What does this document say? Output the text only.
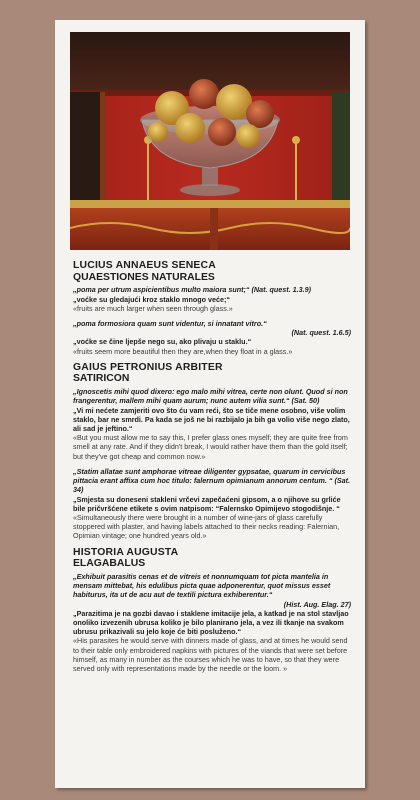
LUCIUS ANNAEUS SENECA

QUAESTIONES NATURALES

„poma per utrum aspicientibus multo maiora sunt;“ (Nat. quest. 1.3.9)

„voćke su gledajući kroz staklo mnogo veće;“

«fruits are much larger when seen through glass.»

„poma formosiora quam sunt videntur, si innatant vitro.“

(Nat. quest. 1.6.5)

„voćke se čine ljepše nego su, ako plivaju u staklu.“

«fruits seem more beautiful then they are,when they float in a glass.»

GAIUS PETRONIUS ARBITER

SATIRICON

„Ignoscetis mihi quod dixero: ego malo mihi vitrea, certe non olunt. Quod si non frangerentur, mallem mihi quam aurum; nunc autem vilia sunt.“ (Sat. 50)

„Vi mi nećete zamjeriti ovo što ću vam reći, što se tiče mene osobno, više volim staklo, bar ne smrdi. Pa kada se još ne bi razbijalo ja bih ga volio više nego zlato, ali sad je jeftino.“

«But you must allow me to say this, I prefer glass ones myself; they are quite free from smell at any rate. And if they didn't break, I would rather have them than the gold itself; but they've got cheap and common now.»

„Statim allatae sunt amphorae vitreae diligenter gypsatae, quarum in cervicibus pittacia erant affixa cum hoc titulo: falernum opimianum annorum centum. “ (Sat. 34)

„Smjesta su doneseni stakleni vrčevi zapečaćeni gipsom, a o njihove su grliće bile pričvršćene etikete s ovim natpisom: “Falernsko Opimijevo stogodišnje. “

«Simultaneously there were brought in a number of wine-jars of glass carefully stoppered with plaster, and having labels attached to their necks reading: Falernian, Opimian vintage; one hundred years old.»

HISTORIA AUGUSTA

ELAGABALUS

„Exhibuit parasitis cenas et de vitreis et nonnumquam tot picta mantelia in mensam mittebat, his edulibus picta quae adponerentur, quot missus esset habiturus, ita ut de acu aut de textili pictura exhiberentur.“

(Hist. Aug. Elag. 27)

„Parazitima je na gozbi davao i staklene imitacije jela, a katkad je na stol stavljao onoliko izvezenih ubrusa koliko je bilo planirano jela, a vez ili tkanje na svakom ubrusu prikazivali su jelo koje će biti posluženo.“

«His parasites he would serve with dinners made of glass, and at times he would send to their table only embroidered napkins with pictures of the viands that were set before himself, as many in number as the courses which he was to have, so that they were served only with representations made by the needle or the loom. »
